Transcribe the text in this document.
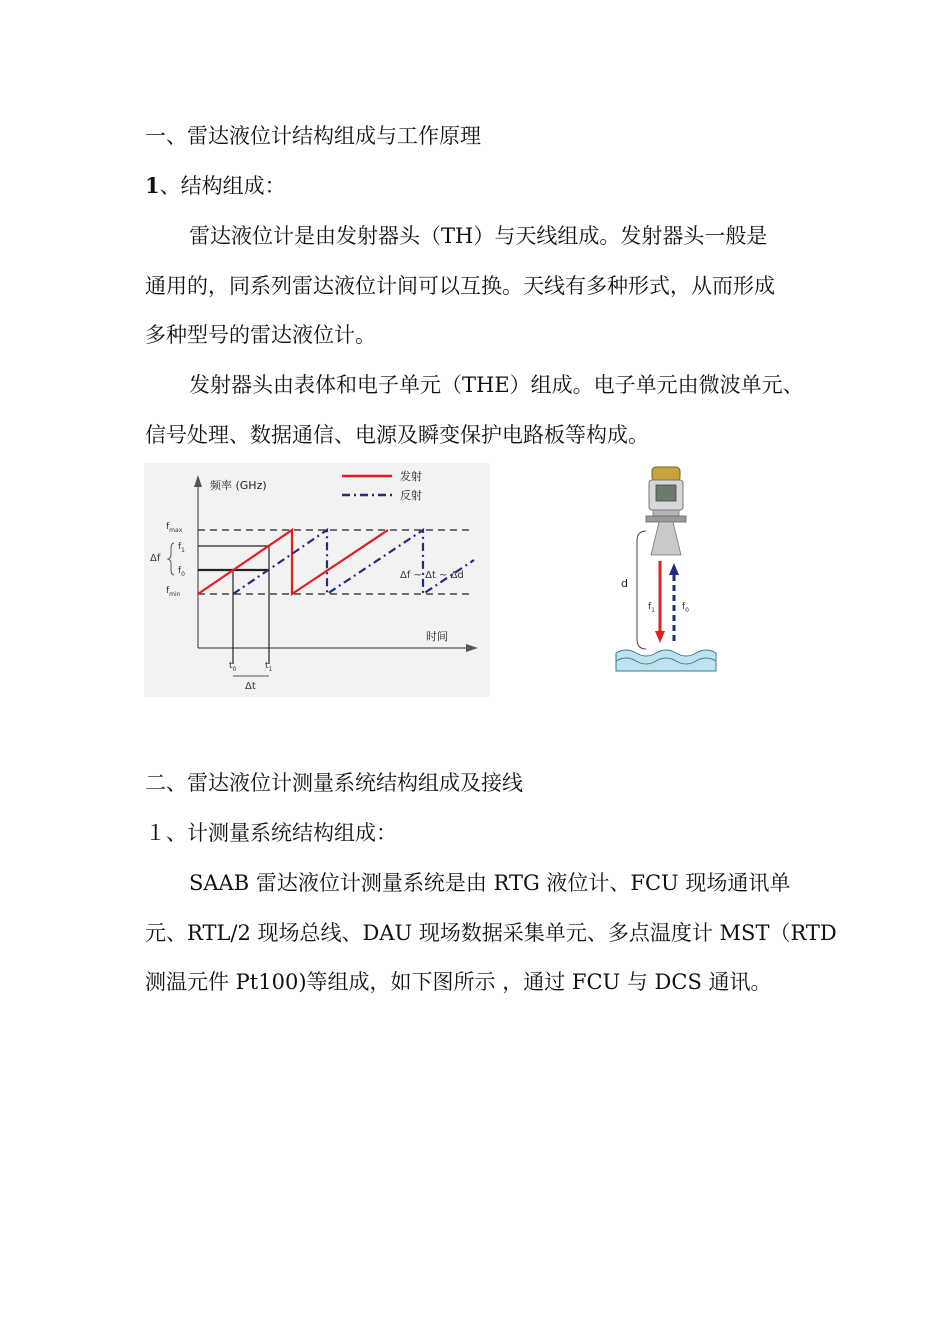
一、雷达液位计结构组成与工作原理
1、结构组成：
雷达液位计是由发射器头（TH）与天线组成。发射器头一般是
通用的，同系列雷达液位计间可以互换。天线有多种形式，从而形成
多种型号的雷达液位计。
发射器头由表体和电子单元（THE）组成。电子单元由微波单元、
信号处理、数据通信、电源及瞬变保护电路板等构成。
频率 (GHz)
时间
发射
反射
$f_{max}$
$f_1$
$f_0$
$f_{min}$
Δf
$t_0$	$t_1$
Δt
Δf ~ Δt ~ Δd
d
$f_1$	$f_0$
二、雷达液位计测量系统结构组成及接线
１、计测量系统结构组成：
SAAB 雷达液位计测量系统是由 RTG 液位计、FCU 现场通讯单
元、RTL/2 现场总线、DAU 现场数据采集单元、多点温度计 MST（RTD
测温元件 Pt100)等组成，如下图所示 ，通过 FCU 与 DCS 通讯。
